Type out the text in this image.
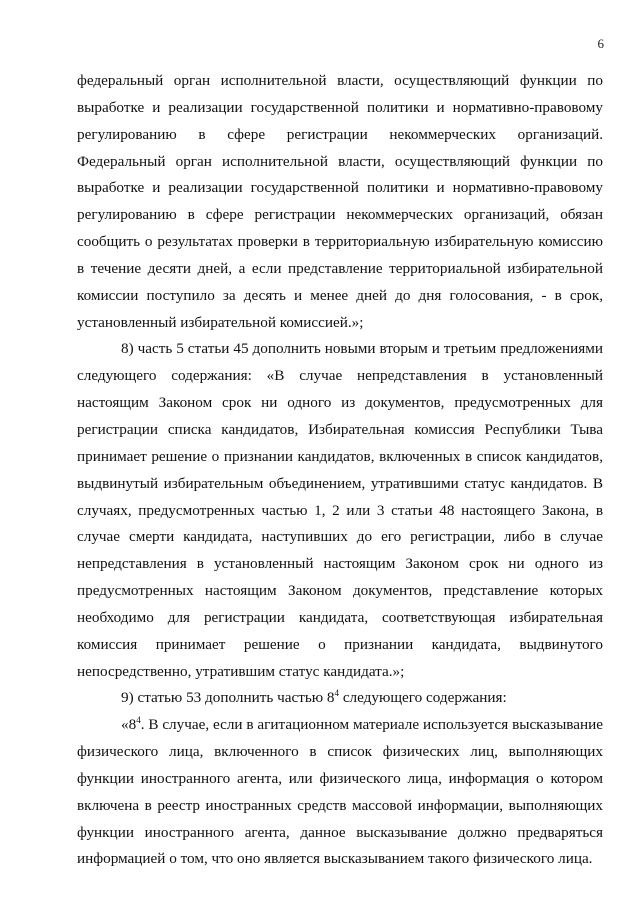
6

федеральный орган исполнительной власти, осуществляющий функции по выработке и реализации государственной политики и нормативно-правовому регулированию в сфере регистрации некоммерческих организаций. Федеральный орган исполнительной власти, осуществляющий функции по выработке и реализации государственной политики и нормативно-правовому регулированию в сфере регистрации некоммерческих организаций, обязан сообщить о результатах проверки в территориальную избирательную комиссию в течение десяти дней, а если представление территориальной избирательной комиссии поступило за десять и менее дней до дня голосования, - в срок, установленный избирательной комиссией.»;

8) часть 5 статьи 45 дополнить новыми вторым и третьим предложениями следующего содержания: «В случае непредставления в установленный настоящим Законом срок ни одного из документов, предусмотренных для регистрации списка кандидатов, Избирательная комиссия Республики Тыва принимает решение о признании кандидатов, включенных в список кандидатов, выдвинутый избирательным объединением, утратившими статус кандидатов. В случаях, предусмотренных частью 1, 2 или 3 статьи 48 настоящего Закона, в случае смерти кандидата, наступивших до его регистрации, либо в случае непредставления в установленный настоящим Законом срок ни одного из предусмотренных настоящим Законом документов, представление которых необходимо для регистрации кандидата, соответствующая избирательная комиссия принимает решение о признании кандидата, выдвинутого непосредственно, утратившим статус кандидата.»;

9) статью 53 дополнить частью $8^4$ следующего содержания:

«$8^4$. В случае, если в агитационном материале используется высказывание физического лица, включенного в список физических лиц, выполняющих функции иностранного агента, или физического лица, информация о котором включена в реестр иностранных средств массовой информации, выполняющих функции иностранного агента, данное высказывание должно предваряться информацией о том, что оно является высказыванием такого физического лица.
